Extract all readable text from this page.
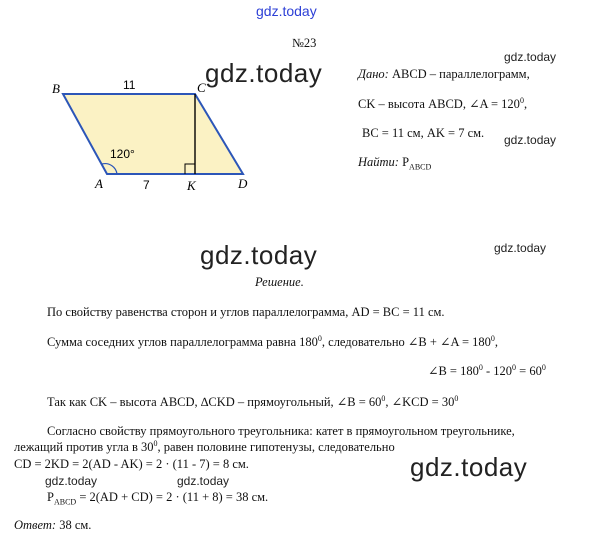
gdz.today
№23
B	C
A	K	D
11
7
120°
gdz.today
gdz.today
Дано: ABCD – параллелограмм,
CK – высота ABCD, ∠A = $120^0$,
BC = 11 см, AK = 7 см. gdz.today
Найти: $P_{ABCD}$
gdz.today	gdz.today
Решение.
По свойству равенства сторон и углов параллелограмма, AD = BC = 11 см.
Сумма соседних углов параллелограмма равна $180^0$, следовательно ∠B + ∠A = $180^0$,
∠B = $180^0 - 120^0 = 60^0$
Так как CK – высота ABCD, ∆CKD – прямоугольный, ∠B = $60^0$, ∠KCD = $30^0$
Согласно свойству прямоугольного треугольника: катет в прямоугольном треугольнике,
лежащий против угла в $30^0$, равен половине гипотенузы, следовательно
CD = 2KD = 2(AD - AK) = 2 · (11 - 7) = 8 см.	gdz.today
gdz.today	gdz.today
$P_{ABCD} = 2(AD + CD) = 2 \cdot (11 + 8) = 38$ см.
Ответ: 38 см.
